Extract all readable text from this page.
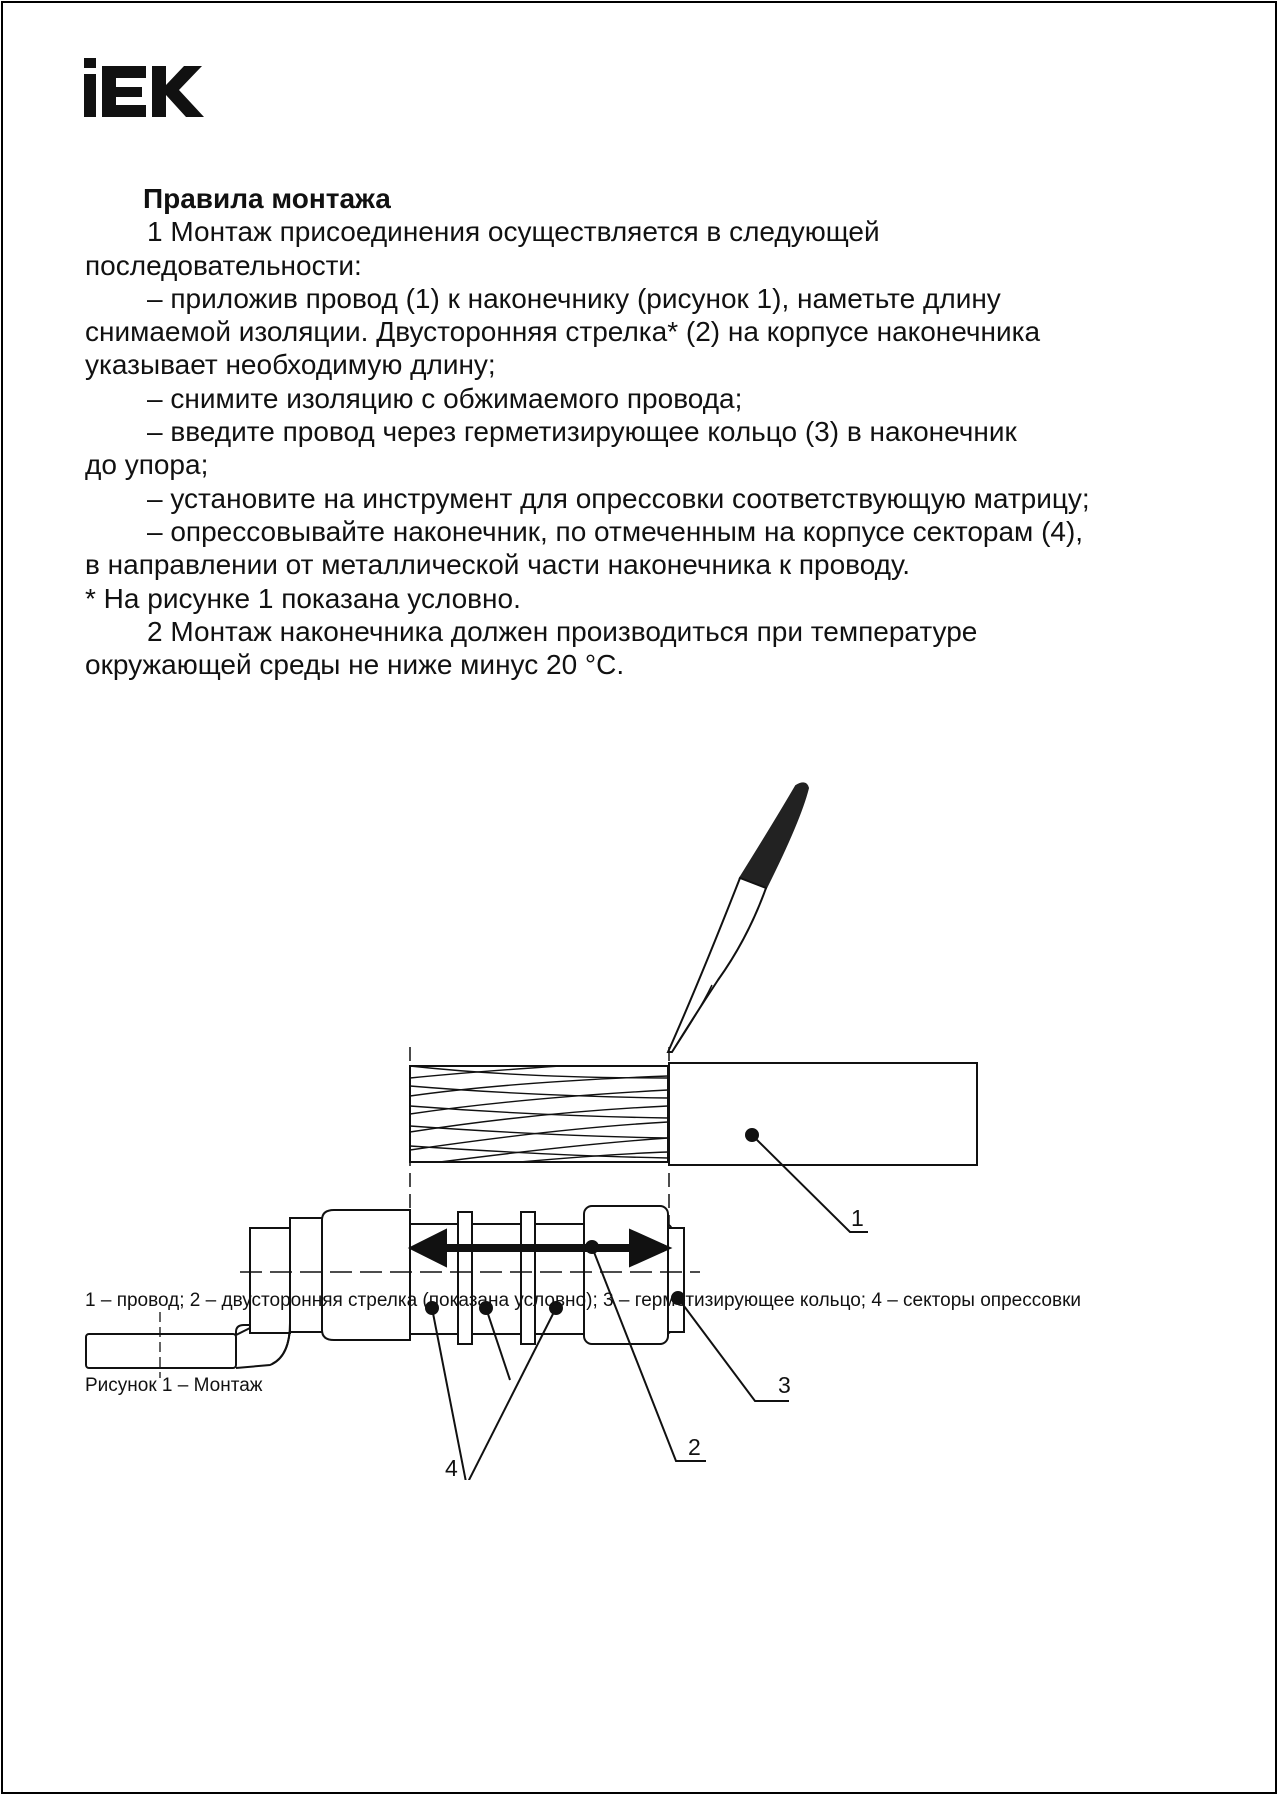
Правила монтажа
1 Монтаж присоединения осуществляется в следующей
последовательности:
– приложив провод (1) к наконечнику (рисунок 1), наметьте длину
снимаемой изоляции. Двусторонняя стрелка* (2) на корпусе наконечника
указывает необходимую длину;
– снимите изоляцию с обжимаемого провода;
– введите провод через герметизирующее кольцо (3) в наконечник
до упора;
– установите на инструмент для опрессовки соответствующую матрицу;
– опрессовывайте наконечник, по отмеченным на корпусе секторам (4),
в направлении от металлической части наконечника к проводу.
* На рисунке 1 показана условно.
2 Монтаж наконечника должен производиться при температуре
окружающей среды не ниже минус 20 °С.
1
2
3
4
1 – провод; 2 – двусторонняя стрелка (показана условно); 3 – герметизирующее кольцо; 4 – секторы опрессовки
Рисунок 1 – Монтаж
